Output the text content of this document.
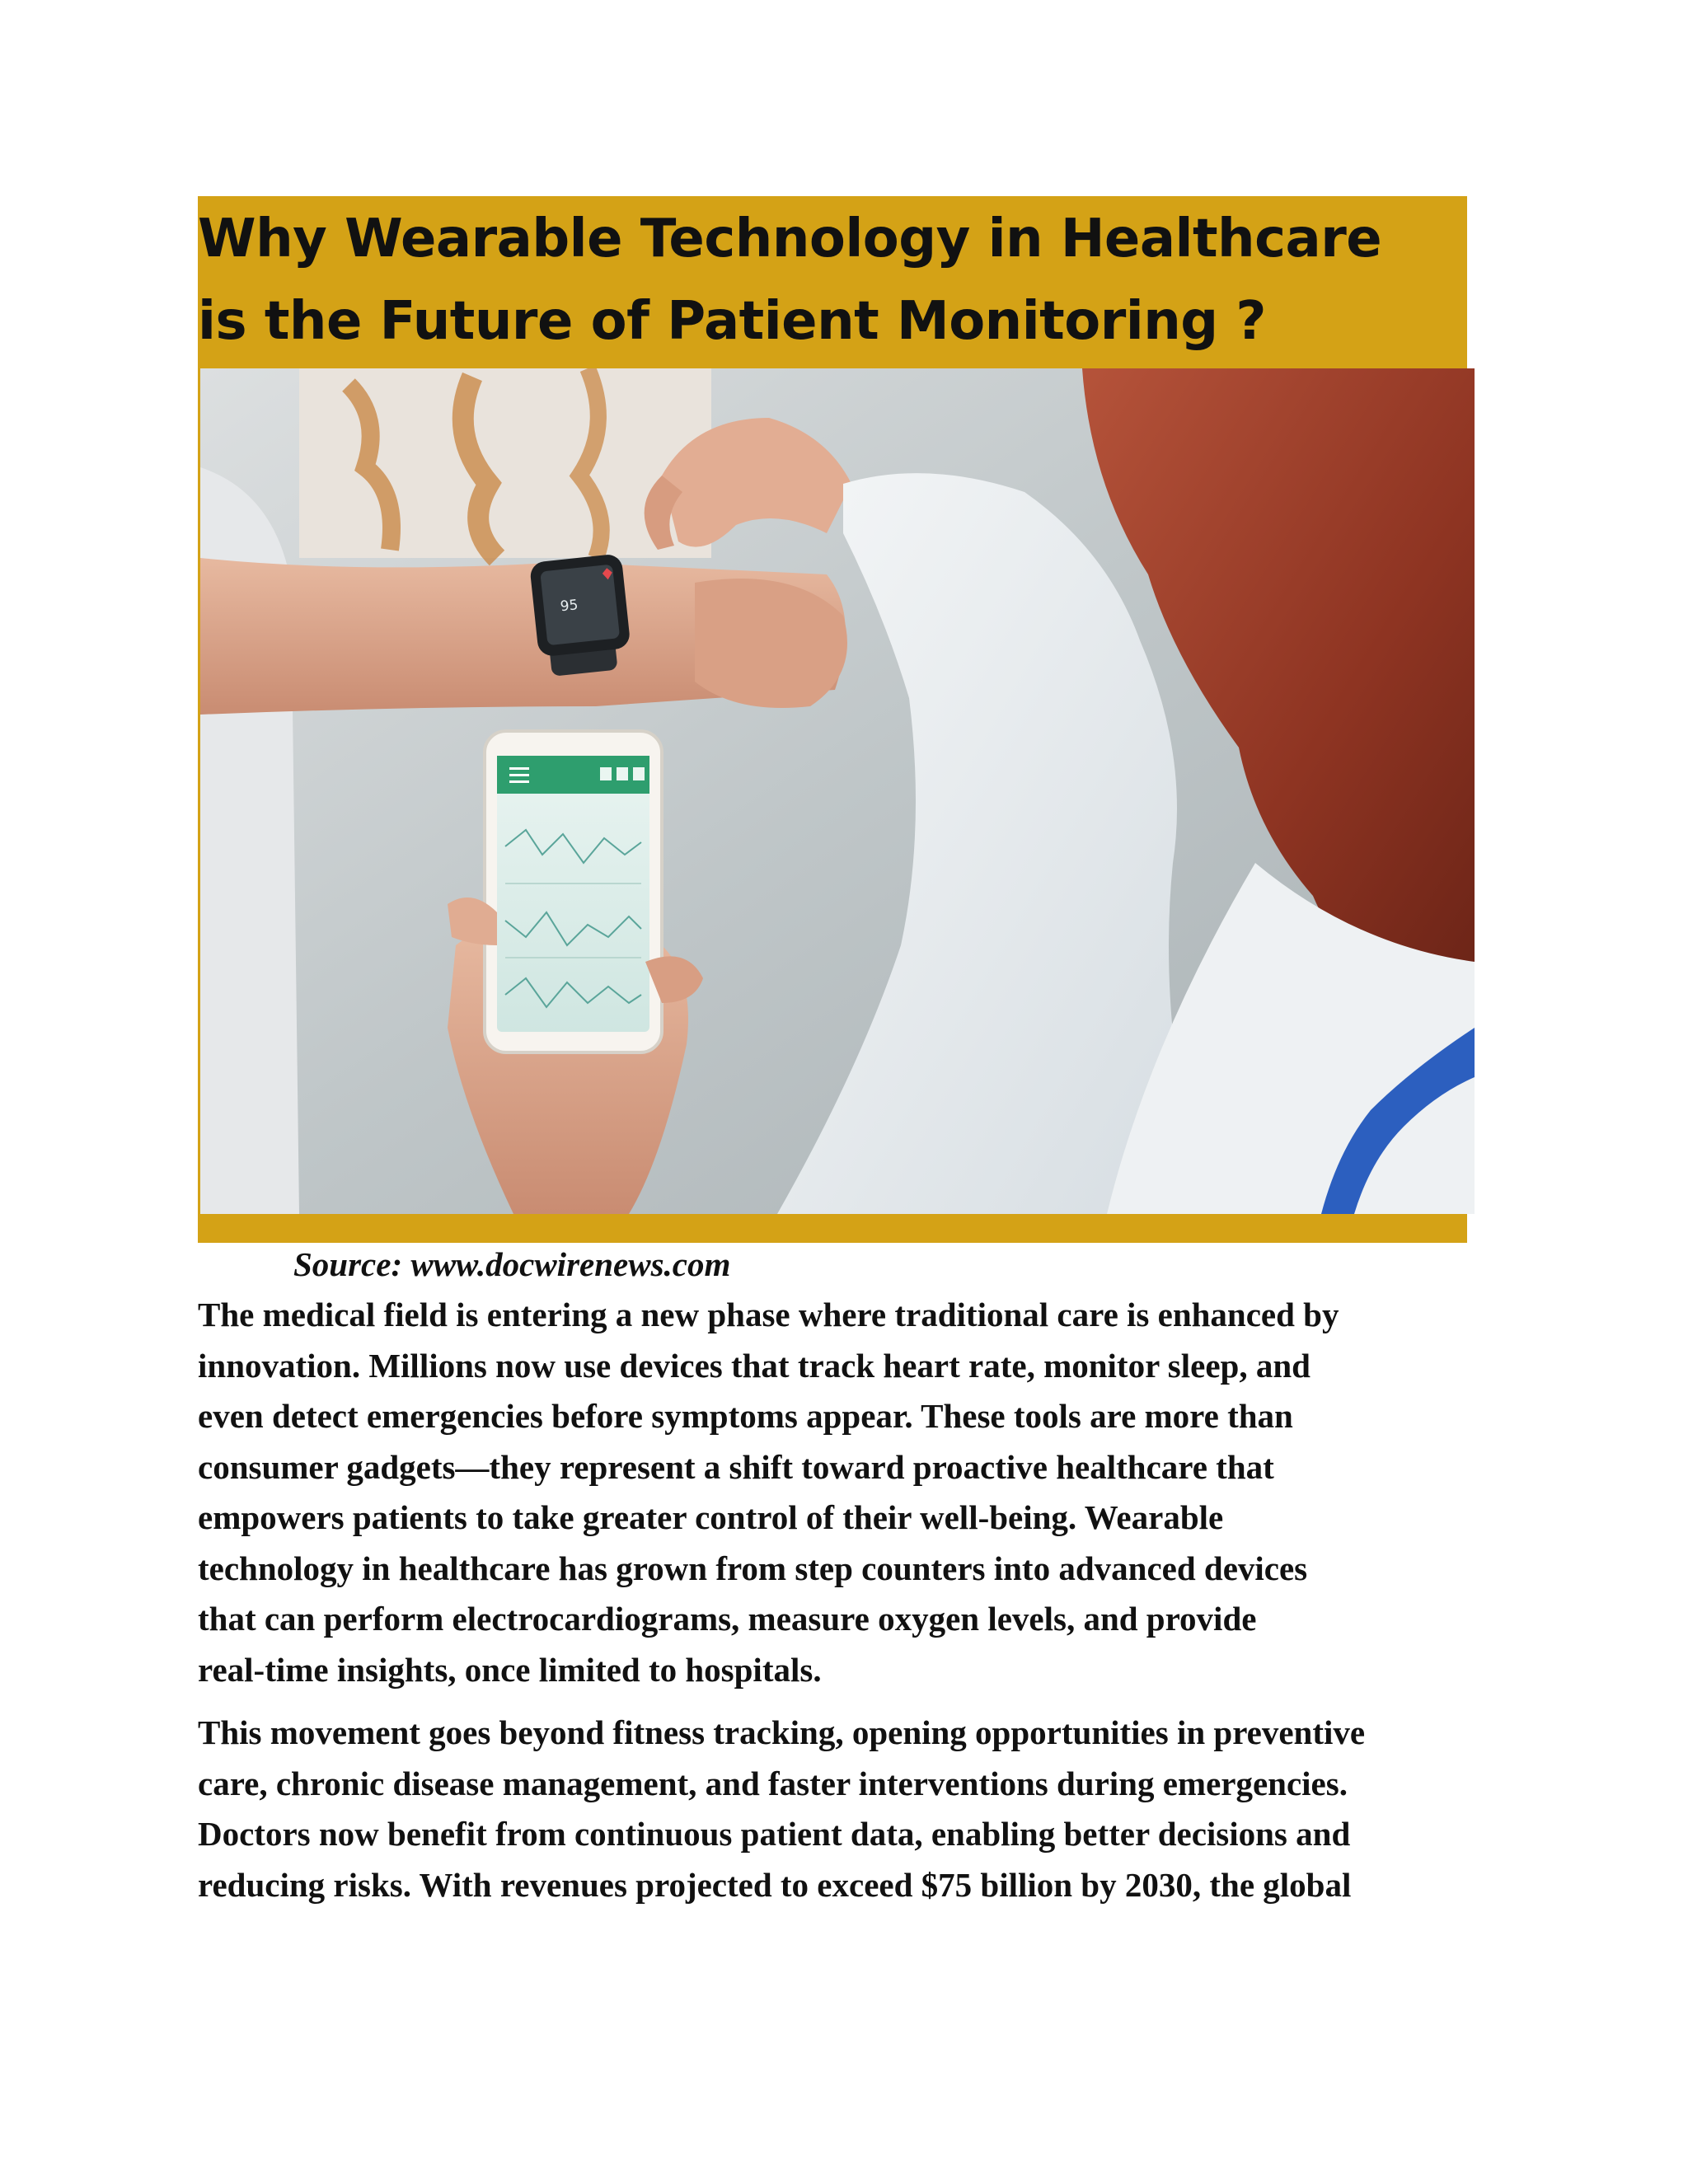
Why Wearable Technology in Healthcare
is the Future of Patient Monitoring ?
95

Source: www.docwirenews.com

The medical field is entering a new phase where traditional care is enhanced by
innovation. Millions now use devices that track heart rate, monitor sleep, and
even detect emergencies before symptoms appear. These tools are more than
consumer gadgets—they represent a shift toward proactive healthcare that
empowers patients to take greater control of their well-being. Wearable
technology in healthcare has grown from step counters into advanced devices
that can perform electrocardiograms, measure oxygen levels, and provide
real-time insights, once limited to hospitals.

This movement goes beyond fitness tracking, opening opportunities in preventive
care, chronic disease management, and faster interventions during emergencies.
Doctors now benefit from continuous patient data, enabling better decisions and
reducing risks. With revenues projected to exceed $75 billion by 2030, the global
